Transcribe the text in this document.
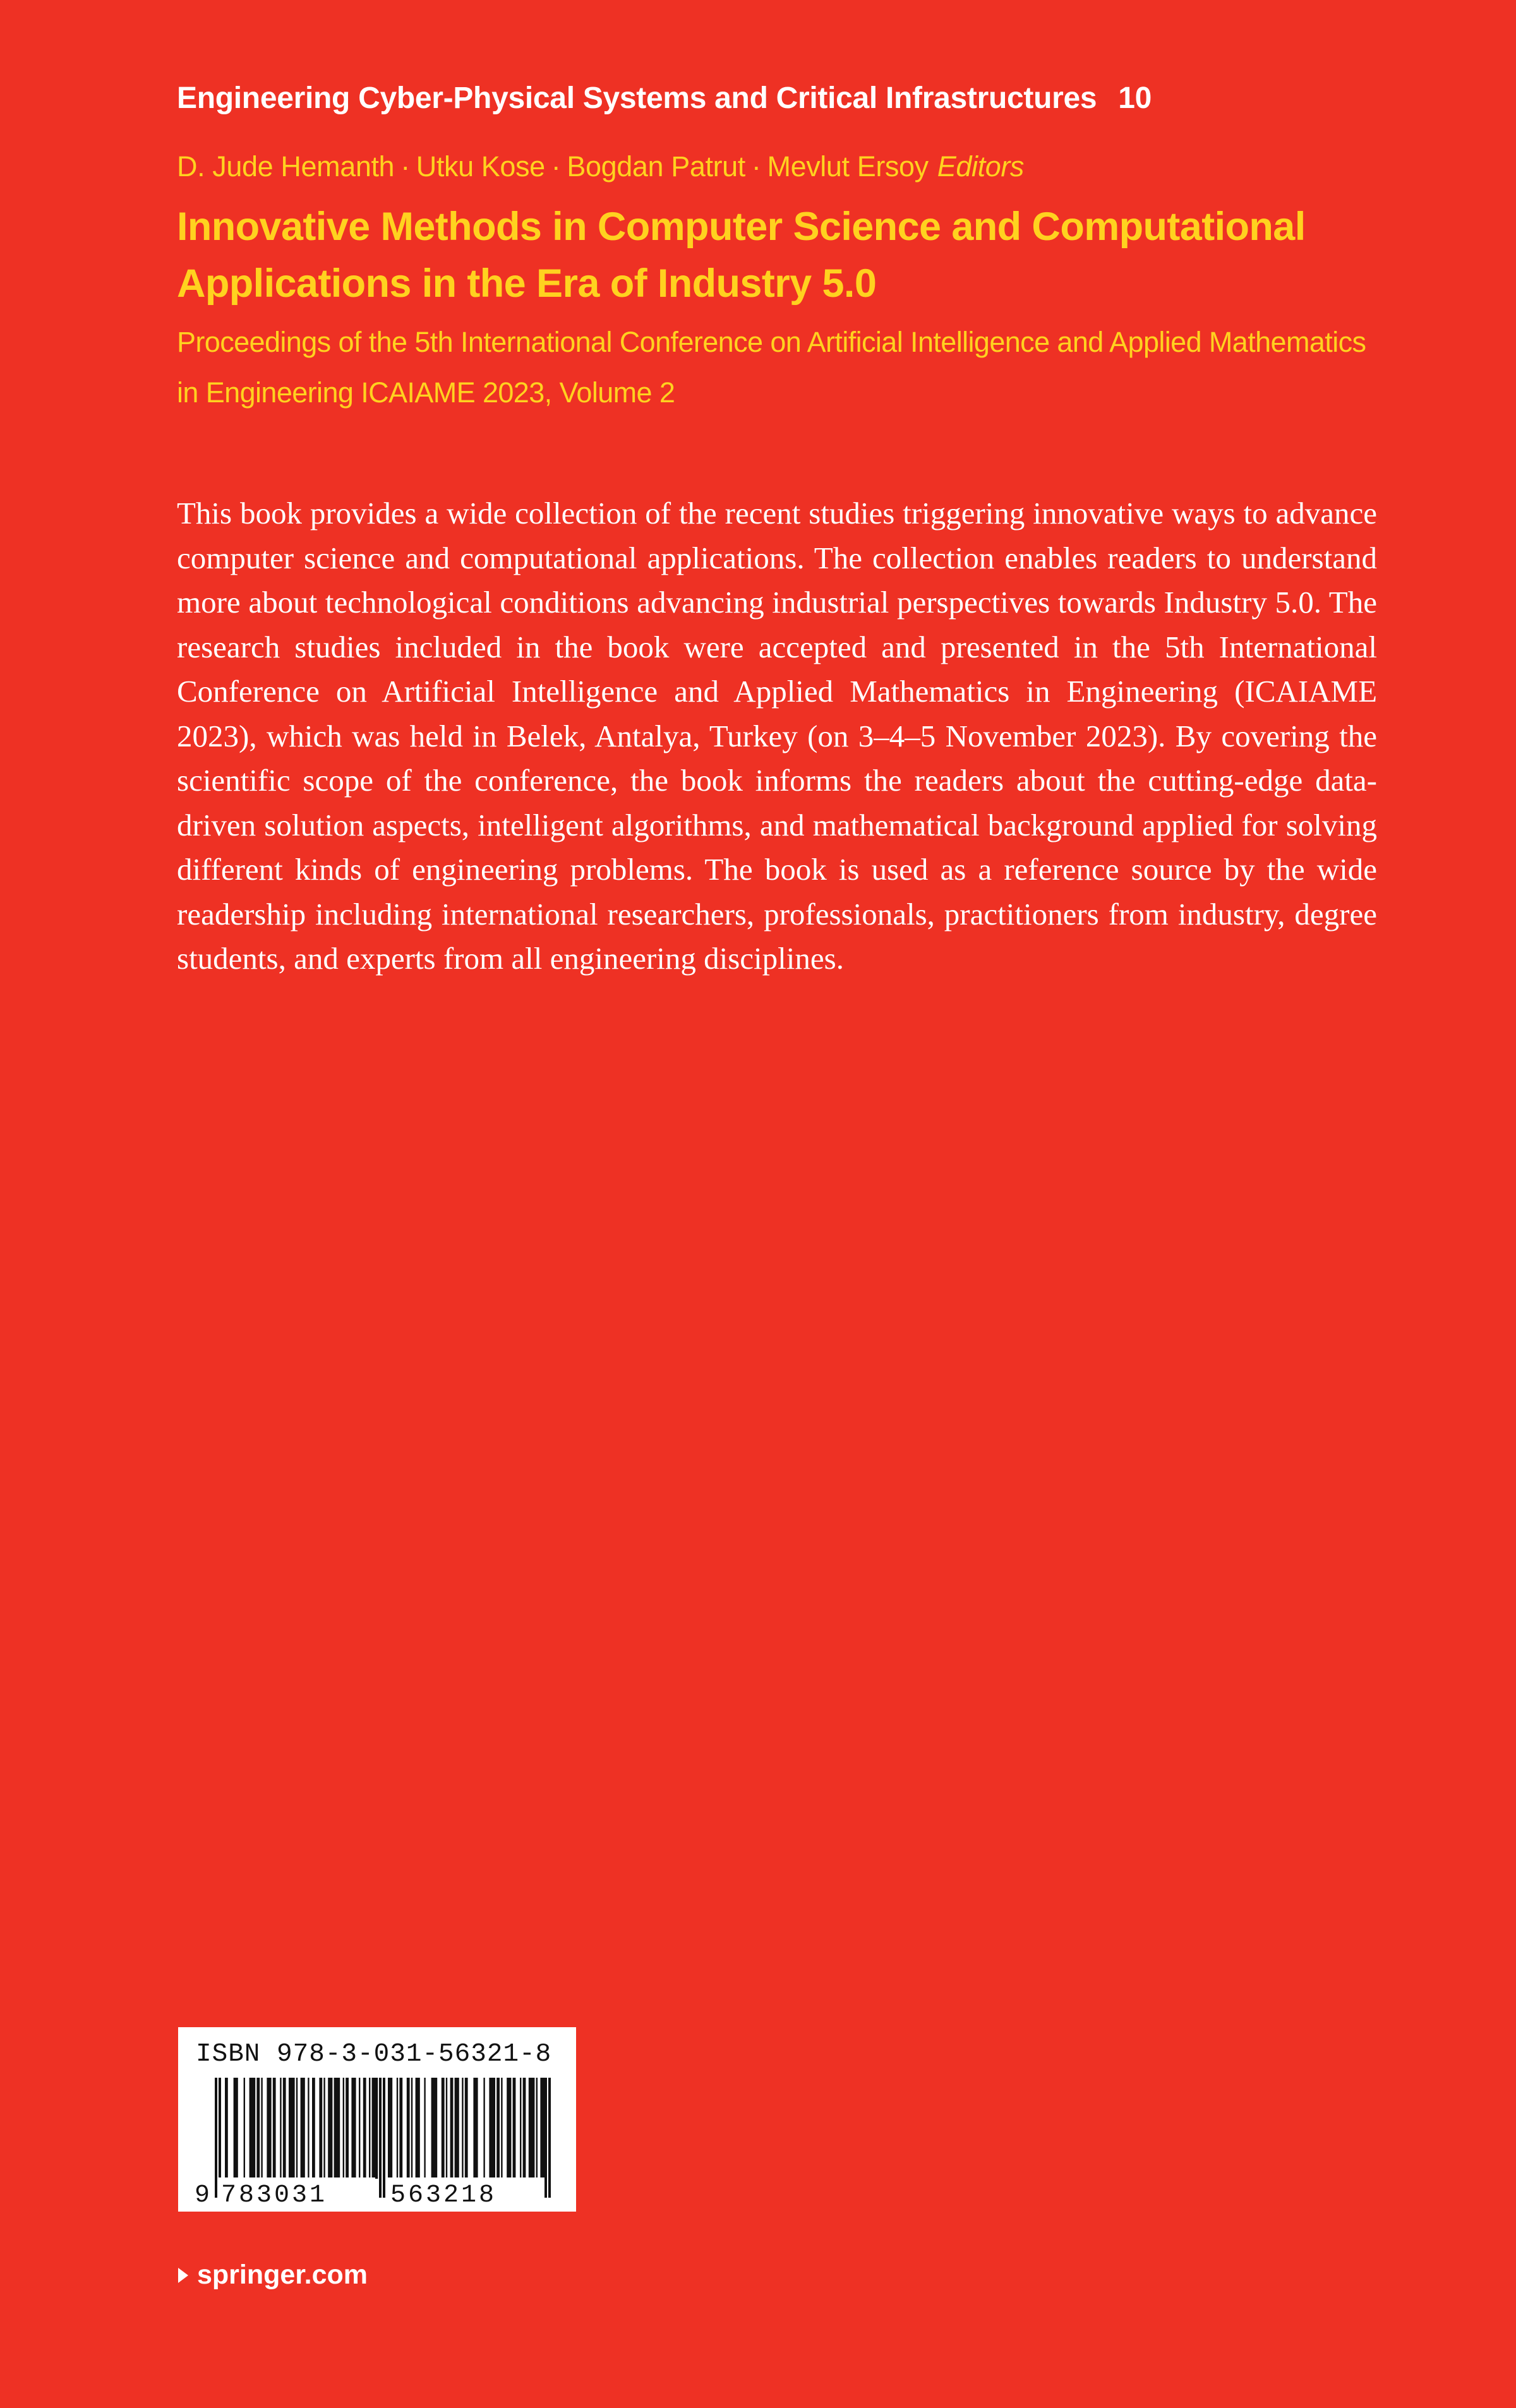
Engineering Cyber-Physical Systems and Critical Infrastructures 10
D. Jude Hemanth · Utku Kose · Bogdan Patrut · Mevlut Ersoy Editors
Innovative Methods in Computer Science and Computational
Applications in the Era of Industry 5.0
Proceedings of the 5th International Conference on Artificial Intelligence and Applied Mathematics
in Engineering ICAIAME 2023, Volume 2

This book provides a wide collection of the recent studies triggering innovative ways to advance computer science and computational applications. The collection enables readers to understand more about technological conditions advancing industrial perspectives towards Industry 5.0. The research studies included in the book were accepted and presented in the 5th International Conference on Artificial Intelligence and Applied Mathematics in Engineering (ICAIAME 2023), which was held in Belek, Antalya, Turkey (on 3–4–5 November 2023). By covering the scientific scope of the conference, the book informs the readers about the cutting-edge data-driven solution aspects, intelligent algorithms, and mathematical background applied for solving different kinds of engineering problems. The book is used as a reference source by the wide readership including international researchers, professionals, practitioners from industry, degree students, and experts from all engineering disciplines.

ISBN 978-3-031-56321-8
9 783031 563218
springer.com
